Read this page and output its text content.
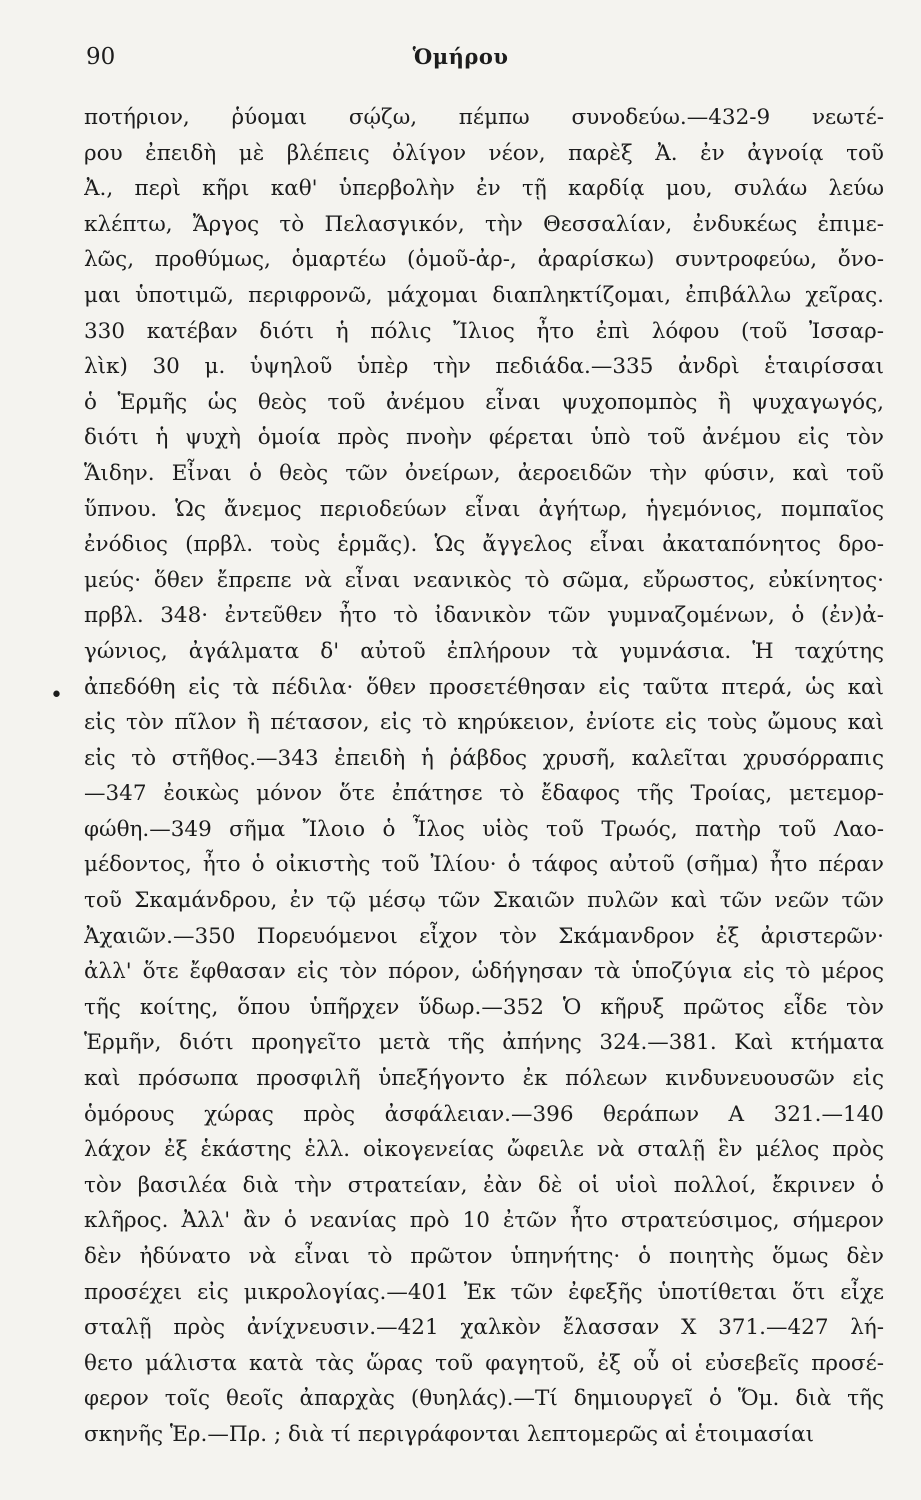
90	Ὁμήρου
•
ποτήριον, ῥύομαι σῴζω, πέμπω συνοδεύω.—432-9 νεωτέ-
ρου ἐπειδὴ μὲ βλέπεις ὀλίγον νέον, παρὲξ Ἀ. ἐν ἀγνοίᾳ τοῦ
Ἀ., περὶ κῆρι καθ' ὑπερβολὴν ἐν τῇ καρδίᾳ μου, συλάω λεύω
κλέπτω, Ἄργος τὸ Πελασγικόν, τὴν Θεσσαλίαν, ἐνδυκέως ἐπιμε-
λῶς, προθύμως, ὁμαρτέω (ὁμοῦ-ἀρ-, ἀραρίσκω) συντροφεύω, ὄνο-
μαι ὑποτιμῶ, περιφρονῶ, μάχομαι διαπληκτίζομαι, ἐπιβάλλω χεῖρας.
330 κατέβαν διότι ἡ πόλις Ἴλιος ἦτο ἐπὶ λόφου (τοῦ Ἰσσαρ-
λὶκ) 30 μ. ὑψηλοῦ ὑπὲρ τὴν πεδιάδα.—335 ἀνδρὶ ἑταιρίσσαι
ὁ Ἑρμῆς ὡς θεὸς τοῦ ἀνέμου εἶναι ψυχοπομπὸς ἢ ψυχαγωγός,
διότι ἡ ψυχὴ ὁμοία πρὸς πνοὴν φέρεται ὑπὸ τοῦ ἀνέμου εἰς τὸν
Ἅιδην. Εἶναι ὁ θεὸς τῶν ὀνείρων, ἀεροειδῶν τὴν φύσιν, καὶ τοῦ
ὕπνου. Ὡς ἄνεμος περιοδεύων εἶναι ἀγήτωρ, ἡγεμόνιος, πομπαῖος
ἐνόδιος (πρβλ. τοὺς ἑρμᾶς). Ὡς ἄγγελος εἶναι ἀκαταπόνητος δρο-
μεύς· ὅθεν ἔπρεπε νὰ εἶναι νεανικὸς τὸ σῶμα, εὔρωστος, εὐκίνητος·
πρβλ. 348· ἐντεῦθεν ἦτο τὸ ἰδανικὸν τῶν γυμναζομένων, ὁ (ἐν)ἀ-
γώνιος, ἀγάλματα δ' αὐτοῦ ἐπλήρουν τὰ γυμνάσια. Ἡ ταχύτης
ἀπεδόθη εἰς τὰ πέδιλα· ὅθεν προσετέθησαν εἰς ταῦτα πτερά, ὡς καὶ
εἰς τὸν πῖλον ἢ πέτασον, εἰς τὸ κηρύκειον, ἐνίοτε εἰς τοὺς ὤμους καὶ
εἰς τὸ στῆθος.—343 ἐπειδὴ ἡ ῥάβδος χρυσῆ, καλεῖται χρυσόρραπις
—347 ἐοικὼς μόνον ὅτε ἐπάτησε τὸ ἔδαφος τῆς Τροίας, μετεμορ-
φώθη.—349 σῆμα Ἴλοιο ὁ Ἶλος υἱὸς τοῦ Τρωός, πατὴρ τοῦ Λαο-
μέδοντος, ἦτο ὁ οἰκιστὴς τοῦ Ἰλίου· ὁ τάφος αὐτοῦ (σῆμα) ἦτο πέραν
τοῦ Σκαμάνδρου, ἐν τῷ μέσῳ τῶν Σκαιῶν πυλῶν καὶ τῶν νεῶν τῶν
Ἀχαιῶν.—350 Πορευόμενοι εἶχον τὸν Σκάμανδρον ἐξ ἀριστερῶν·
ἀλλ' ὅτε ἔφθασαν εἰς τὸν πόρον, ὡδήγησαν τὰ ὑποζύγια εἰς τὸ μέρος
τῆς κοίτης, ὅπου ὑπῆρχεν ὕδωρ.—352 Ὁ κῆρυξ πρῶτος εἶδε τὸν
Ἑρμῆν, διότι προηγεῖτο μετὰ τῆς ἀπήνης 324.—381. Καὶ κτήματα
καὶ πρόσωπα προσφιλῆ ὑπεξήγοντο ἐκ πόλεων κινδυνευουσῶν εἰς
ὁμόρους χώρας πρὸς ἀσφάλειαν.—396 θεράπων Α 321.—140
λάχον ἐξ ἑκάστης ἑλλ. οἰκογενείας ὤφειλε νὰ σταλῇ ἓν μέλος πρὸς
τὸν βασιλέα διὰ τὴν στρατείαν, ἐὰν δὲ οἱ υἱοὶ πολλοί, ἔκρινεν ὁ
κλῆρος. Ἀλλ' ἂν ὁ νεανίας πρὸ 10 ἐτῶν ἦτο στρατεύσιμος, σήμερον
δὲν ἠδύνατο νὰ εἶναι τὸ πρῶτον ὑπηνήτης· ὁ ποιητὴς ὅμως δὲν
προσέχει εἰς μικρολογίας.—401 Ἐκ τῶν ἐφεξῆς ὑποτίθεται ὅτι εἶχε
σταλῇ πρὸς ἀνίχνευσιν.—421 χαλκὸν ἔλασσαν Χ 371.—427 λή-
θετο μάλιστα κατὰ τὰς ὥρας τοῦ φαγητοῦ, ἐξ οὗ οἱ εὐσεβεῖς προσέ-
φερον τοῖς θεοῖς ἀπαρχὰς (θυηλάς).—Τί δημιουργεῖ ὁ Ὅμ. διὰ τῆς
σκηνῆς Ἑρ.—Πρ. ; διὰ τί περιγράφονται λεπτομερῶς αἱ ἑτοιμασίαι
